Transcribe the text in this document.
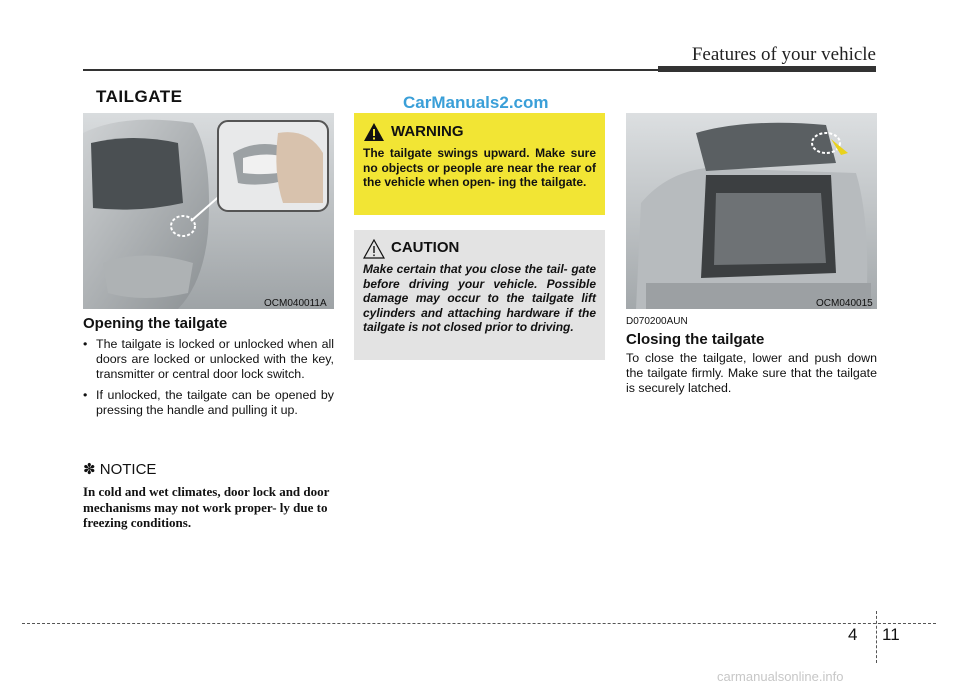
Features of your vehicle
TAILGATE	CarManuals2.com
OCM040011A
Opening the tailgate
• The tailgate is locked or unlocked when all doors are locked or unlocked with the key, transmitter or central door lock switch.
• If unlocked, the tailgate can be opened by pressing the handle and pulling it up.
✽ NOTICE
In cold and wet climates, door lock and door mechanisms may not work proper- ly due to freezing conditions.
WARNING
The tailgate swings upward. Make sure no objects or people are near the rear of the vehicle when open- ing the tailgate.
CAUTION
Make certain that you close the tail- gate before driving your vehicle. Possible damage may occur to the tailgate lift cylinders and attaching hardware if the tailgate is not closed prior to driving.
OCM040015
D070200AUN
Closing the tailgate
To close the tailgate, lower and push down the tailgate firmly. Make sure that the tailgate is securely latched.
4 11
carmanualsonline.info
